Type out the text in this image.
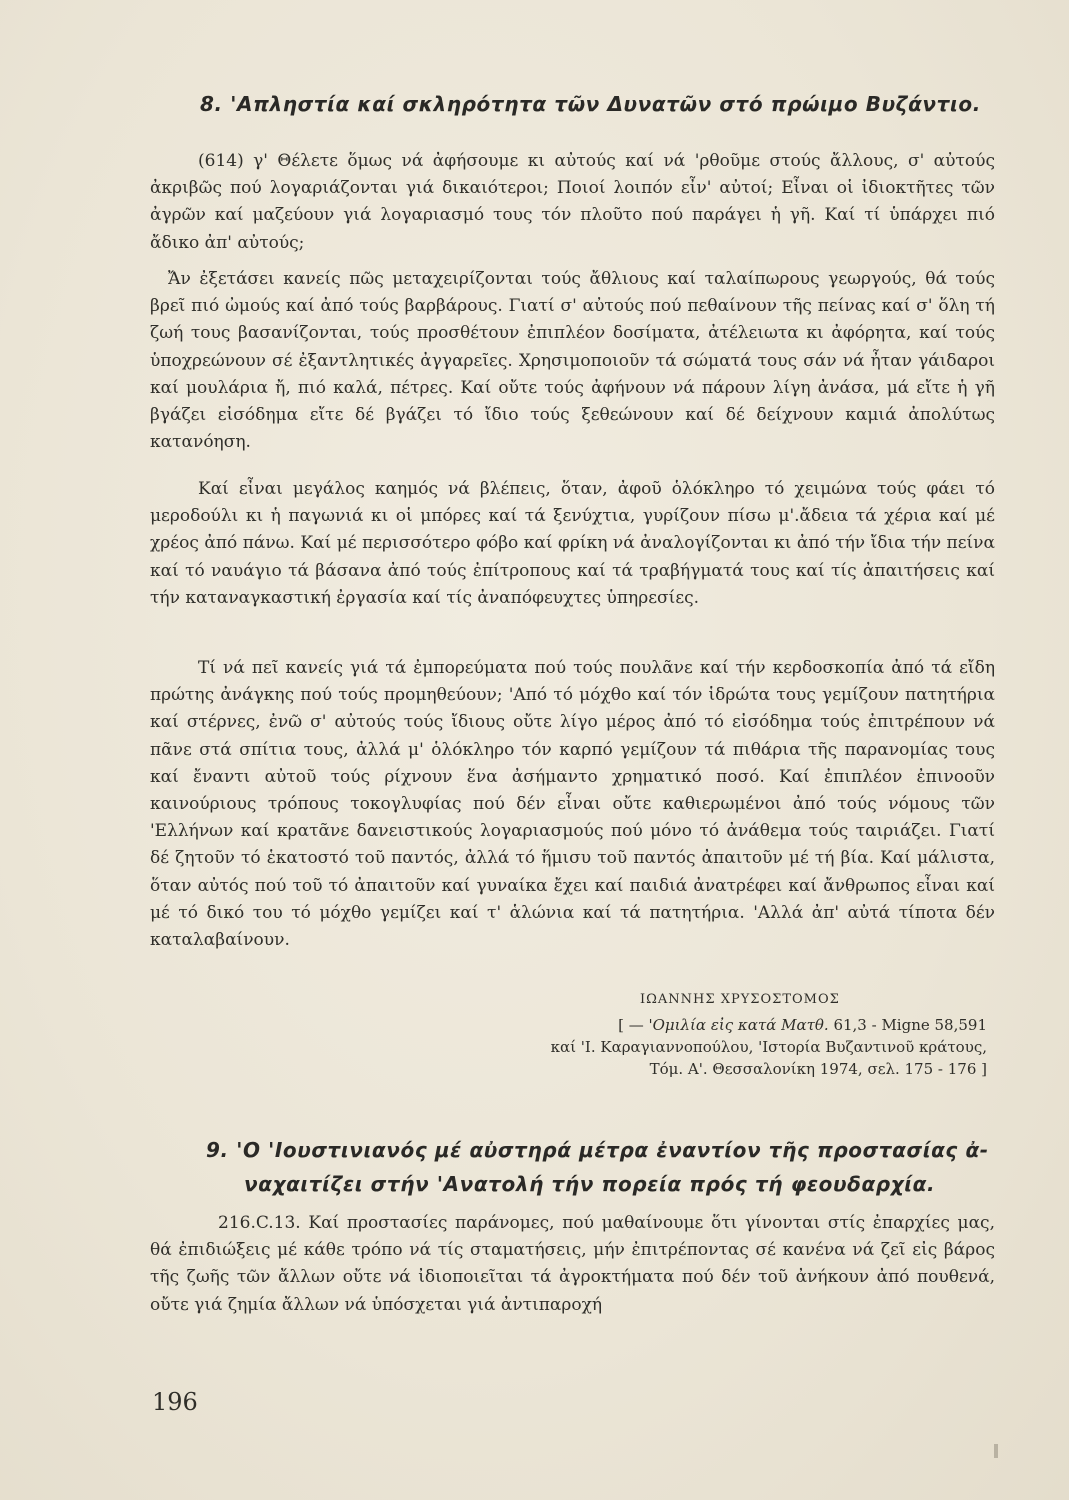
8. 'Απληστία καί σκληρότητα τῶν Δυνατῶν στό πρώιμο Βυζάντιο.
(614) γ' Θέλετε ὅμως νά ἀφήσουμε κι αὐτούς καί νά 'ρθοῦμε στούς ἄλλους, σ' αὐτούς ἀκριβῶς πού λογαριάζονται γιά δικαιότεροι; Ποιοί λοιπόν εἶν' αὐτοί; Εἶναι οἱ ἰδιοκτῆτες τῶν ἀγρῶν καί μαζεύουν γιά λογαριασμό τους τόν πλοῦτο πού παράγει ἡ γῆ. Καί τί ὑπάρχει πιό ἄδικο ἀπ' αὐτούς;
Ἄν ἐξετάσει κανείς πῶς μεταχειρίζονται τούς ἄθλιους καί ταλαίπωρους γεωργούς, θά τούς βρεῖ πιό ὠμούς καί ἀπό τούς βαρβάρους. Γιατί σ' αὐτούς πού πεθαίνουν τῆς πείνας καί σ' ὅλη τή ζωή τους βασανίζονται, τούς προσθέτουν ἐπιπλέον δοσίματα, ἀτέλειωτα κι ἀφόρητα, καί τούς ὑποχρεώνουν σέ ἐξαντλητικές ἀγγαρεῖες. Χρησιμοποιοῦν τά σώματά τους σάν νά ἦταν γάιδαροι καί μουλάρια ἤ, πιό καλά, πέτρες. Καί οὔτε τούς ἀφήνουν νά πάρουν λίγη ἀνάσα, μά εἴτε ἡ γῆ βγάζει εἰσόδημα εἴτε δέ βγάζει τό ἴδιο τούς ξεθεώνουν καί δέ δείχνουν καμιά ἀπολύτως κατανόηση.
Καί εἶναι μεγάλος καημός νά βλέπεις, ὅταν, ἀφοῦ ὁλόκληρο τό χειμώνα τούς φάει τό μεροδούλι κι ἡ παγωνιά κι οἱ μπόρες καί τά ξενύχτια, γυρίζουν πίσω μ'.ἄδεια τά χέρια καί μέ χρέος ἀπό πάνω. Καί μέ περισσότερο φόβο καί φρίκη νά ἀναλογίζονται κι ἀπό τήν ἴδια τήν πείνα καί τό ναυάγιο τά βάσανα ἀπό τούς ἐπίτροπους καί τά τραβήγματά τους καί τίς ἀπαιτήσεις καί τήν καταναγκαστική ἐργασία καί τίς ἀναπόφευχτες ὑπηρεσίες.
Τί νά πεῖ κανείς γιά τά ἐμπορεύματα πού τούς πουλᾶνε καί τήν κερδοσκοπία ἀπό τά εἴδη πρώτης ἀνάγκης πού τούς προμηθεύουν; 'Από τό μόχθο καί τόν ἱδρώτα τους γεμίζουν πατητήρια καί στέρνες, ἐνῶ σ' αὐτούς τούς ἴδιους οὔτε λίγο μέρος ἀπό τό εἰσόδημα τούς ἐπιτρέπουν νά πᾶνε στά σπίτια τους, ἀλλά μ' ὁλόκληρο τόν καρπό γεμίζουν τά πιθάρια τῆς παρανομίας τους καί ἔναντι αὐτοῦ τούς ρίχνουν ἕνα ἀσήμαντο χρηματικό ποσό. Καί ἐπιπλέον ἐπινοοῦν καινούριους τρόπους τοκογλυφίας πού δέν εἶναι οὔτε καθιερωμένοι ἀπό τούς νόμους τῶν 'Ελλήνων καί κρατᾶνε δανειστικούς λογαριασμούς πού μόνο τό ἀνάθεμα τούς ταιριάζει. Γιατί δέ ζητοῦν τό ἑκατοστό τοῦ παντός, ἀλλά τό ἥμισυ τοῦ παντός ἀπαιτοῦν μέ τή βία. Καί μάλιστα, ὅταν αὐτός πού τοῦ τό ἀπαιτοῦν καί γυναίκα ἔχει καί παιδιά ἀνατρέφει καί ἄνθρωπος εἶναι καί μέ τό δικό του τό μόχθο γεμίζει καί τ' ἁλώνια καί τά πατητήρια. 'Αλλά ἀπ' αὐτά τίποτα δέν καταλαβαίνουν.
ΙΩΑΝΝΗΣ ΧΡΥΣΟΣΤΟΜΟΣ
[ — 'Ομιλία εἰς κατά Ματθ. 61,3 - Migne 58,591
καί 'Ι. Καραγιαννοπούλου, 'Ιστορία Βυζαντινοῦ κράτους,
Τόμ. Α'. Θεσσαλονίκη 1974, σελ. 175 - 176 ]
9. 'Ο 'Ιουστινιανός μέ αὐστηρά μέτρα ἐναντίον τῆς προστασίας ἀ-
ναχαιτίζει στήν 'Ανατολή τήν πορεία πρός τή φεουδαρχία.
216.C.13. Καί προστασίες παράνομες, πού μαθαίνουμε ὅτι γίνονται στίς ἐπαρχίες μας, θά ἐπιδιώξεις μέ κάθε τρόπο νά τίς σταματήσεις, μήν ἐπιτρέποντας σέ κανένα νά ζεῖ εἰς βάρος τῆς ζωῆς τῶν ἄλλων οὔτε νά ἰδιοποιεῖται τά ἀγροκτήματα πού δέν τοῦ ἀνήκουν ἀπό πουθενά, οὔτε γιά ζημία ἄλλων νά ὑπόσχεται γιά ἀντιπαροχή
196
